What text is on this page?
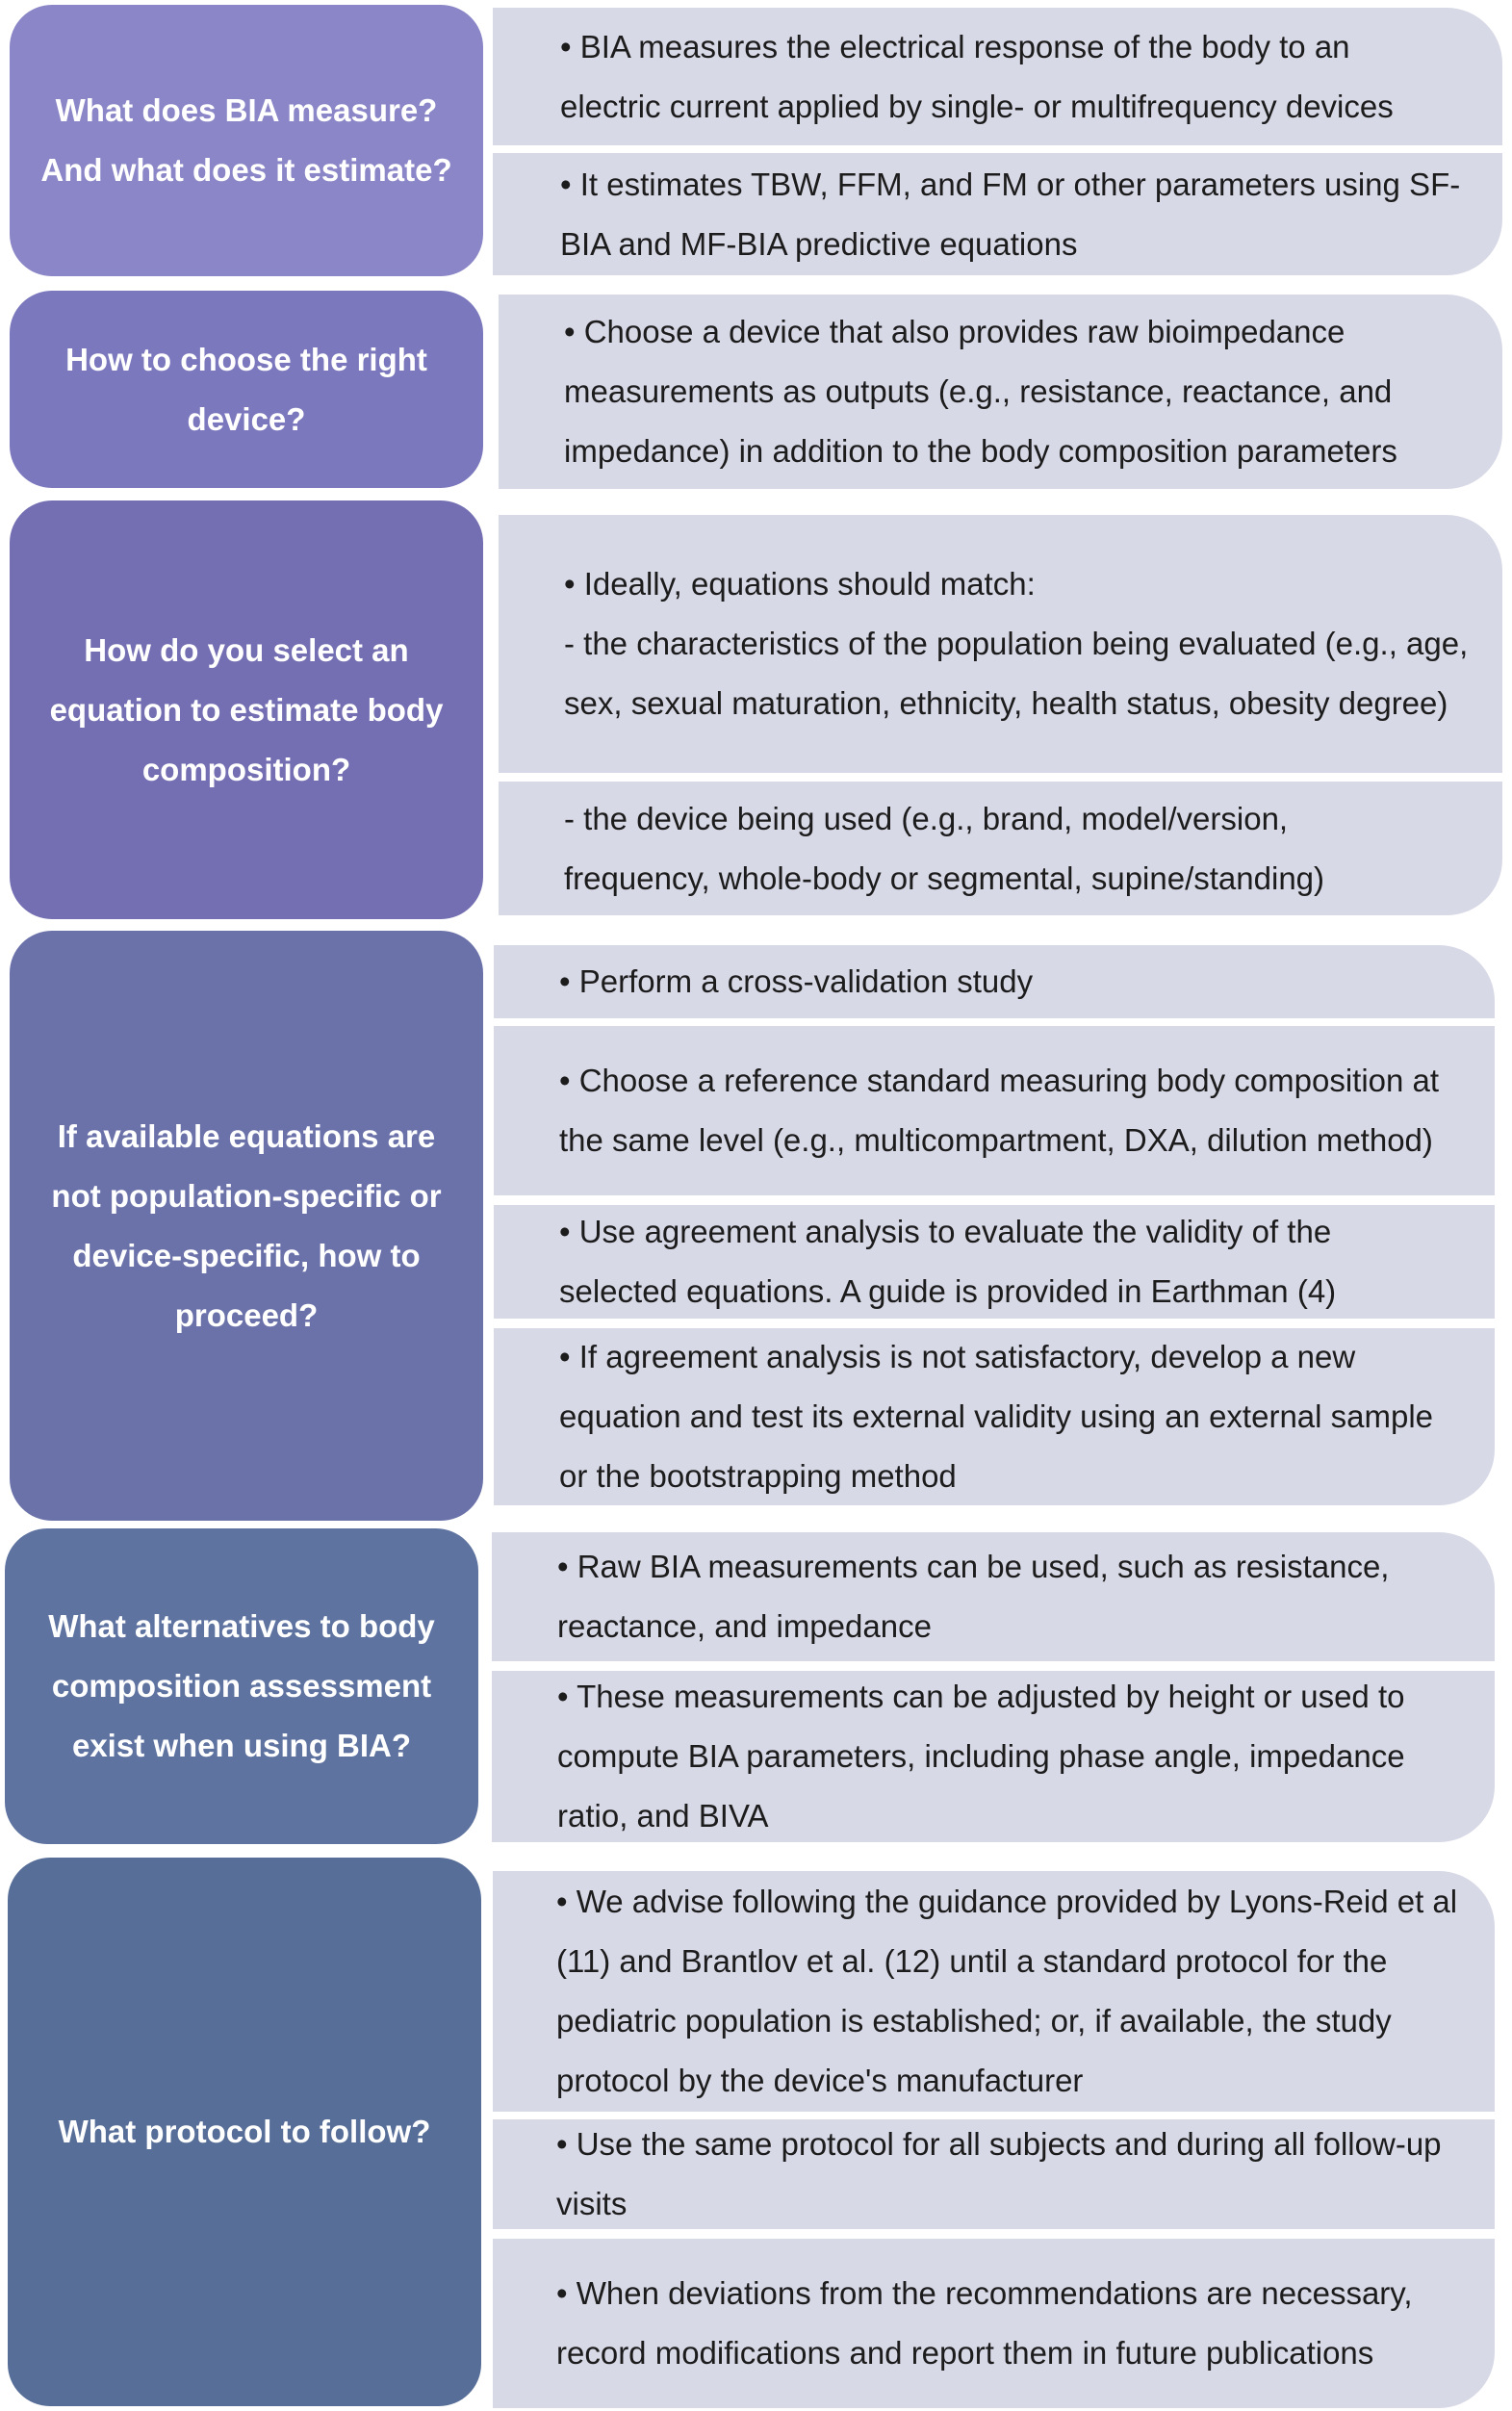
What does BIA measure? And what does it estimate?
• BIA measures the electrical response of the body to an electric current applied by single- or multifrequency devices
• It estimates TBW, FFM, and FM or other parameters using SF-BIA and MF-BIA predictive equations
How to choose the right device?
• Choose a device that also provides raw bioimpedance measurements as outputs (e.g., resistance, reactance, and impedance) in addition to the body composition parameters
How do you select an equation to estimate body composition?
• Ideally, equations should match:
- the characteristics of the population being evaluated (e.g., age, sex, sexual maturation, ethnicity, health status, obesity degree)
- the device being used (e.g., brand, model/version, frequency, whole-body or segmental, supine/standing)
If available equations are not population-specific or device-specific, how to proceed?
• Perform a cross-validation study
• Choose a reference standard measuring body composition at the same level (e.g., multicompartment, DXA, dilution method)
• Use agreement analysis to evaluate the validity of the selected equations. A guide is provided in Earthman (4)
• If agreement analysis is not satisfactory, develop a new equation and test its external validity using an external sample or the bootstrapping method
What alternatives to body composition assessment exist when using BIA?
• Raw BIA measurements can be used, such as resistance, reactance, and impedance
• These measurements can be adjusted by height or used to compute BIA parameters, including phase angle, impedance ratio, and BIVA
What protocol to follow?
• We advise following the guidance provided by Lyons-Reid et al (11) and Brantlov et al. (12) until a standard protocol for the pediatric population is established; or, if available, the study protocol by the device's manufacturer
• Use the same protocol for all subjects and during all follow-up visits
• When deviations from the recommendations are necessary, record modifications and report them in future publications
